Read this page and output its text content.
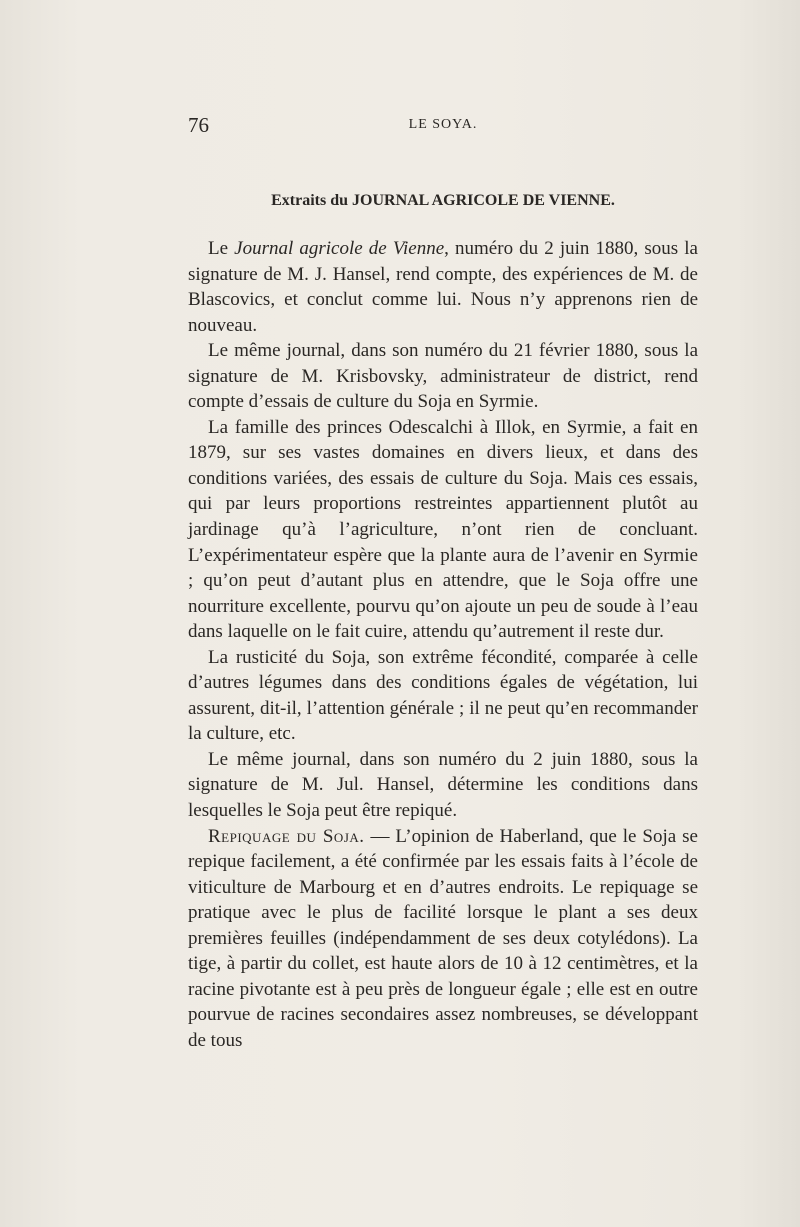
76	LE SOYA.
Extraits du JOURNAL AGRICOLE DE VIENNE.

Le Journal agricole de Vienne, numéro du 2 juin 1880, sous la signature de M. J. Hansel, rend compte, des expériences de M. de Blascovics, et conclut comme lui. Nous n’y apprenons rien de nouveau.

Le même journal, dans son numéro du 21 février 1880, sous la signature de M. Krisbovsky, administrateur de district, rend compte d’essais de culture du Soja en Syrmie.

La famille des princes Odescalchi à Illok, en Syrmie, a fait en 1879, sur ses vastes domaines en divers lieux, et dans des conditions variées, des essais de culture du Soja. Mais ces essais, qui par leurs proportions restreintes appartiennent plutôt au jardinage qu’à l’agriculture, n’ont rien de concluant. L’expérimentateur espère que la plante aura de l’avenir en Syrmie ; qu’on peut d’autant plus en attendre, que le Soja offre une nourriture excellente, pourvu qu’on ajoute un peu de soude à l’eau dans laquelle on le fait cuire, attendu qu’autrement il reste dur.

La rusticité du Soja, son extrême fécondité, comparée à celle d’autres légumes dans des conditions égales de végétation, lui assurent, dit-il, l’attention générale ; il ne peut qu’en recommander la culture, etc.

Le même journal, dans son numéro du 2 juin 1880, sous la signature de M. Jul. Hansel, détermine les conditions dans lesquelles le Soja peut être repiqué.

Repiquage du Soja. — L’opinion de Haberland, que le Soja se repique facilement, a été confirmée par les essais faits à l’école de viticulture de Marbourg et en d’autres endroits. Le repiquage se pratique avec le plus de facilité lorsque le plant a ses deux premières feuilles (indépendamment de ses deux cotylédons). La tige, à partir du collet, est haute alors de 10 à 12 centimètres, et la racine pivotante est à peu près de longueur égale ; elle est en outre pourvue de racines secondaires assez nombreuses, se développant de tous
